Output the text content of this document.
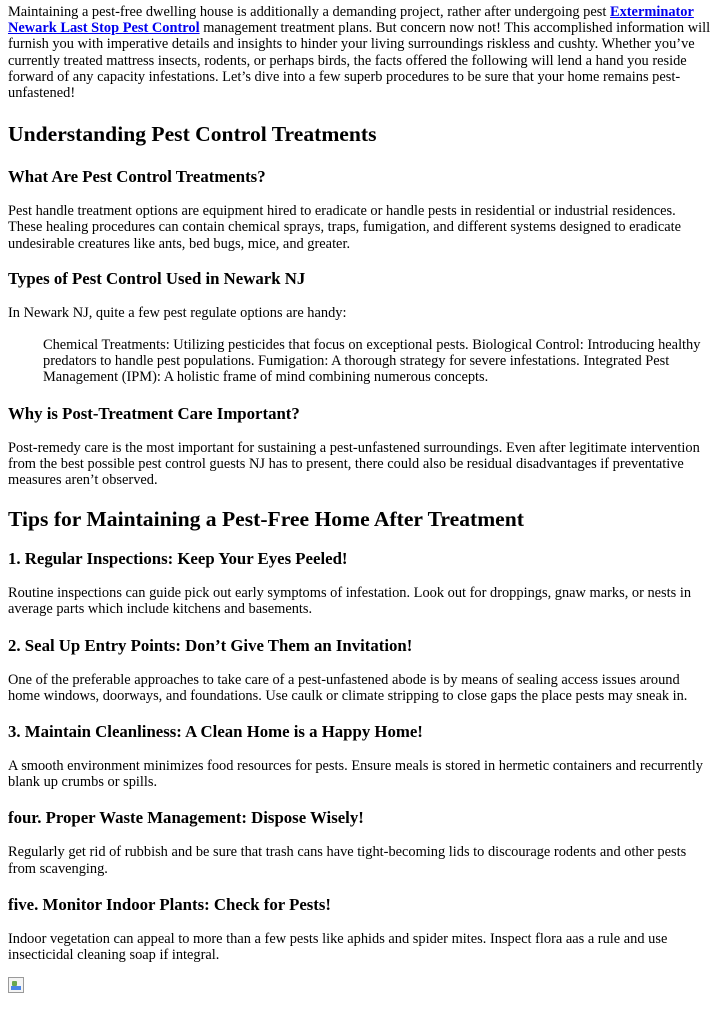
Maintaining a pest-free dwelling house is additionally a demanding project, rather after undergoing pest Exterminator Newark Last Stop Pest Control management treatment plans. But concern now not! This accomplished information will furnish you with imperative details and insights to hinder your living surroundings riskless and cushty. Whether you’ve currently treated mattress insects, rodents, or perhaps birds, the facts offered the following will lend a hand you reside forward of any capacity infestations. Let’s dive into a few superb procedures to be sure that your home remains pest-unfastened!

Understanding Pest Control Treatments
What Are Pest Control Treatments?

Pest handle treatment options are equipment hired to eradicate or handle pests in residential or industrial residences. These healing procedures can contain chemical sprays, traps, fumigation, and different systems designed to eradicate undesirable creatures like ants, bed bugs, mice, and greater.

Types of Pest Control Used in Newark NJ

In Newark NJ, quite a few pest regulate options are handy:

Chemical Treatments: Utilizing pesticides that focus on exceptional pests. Biological Control: Introducing healthy predators to handle pest populations. Fumigation: A thorough strategy for severe infestations. Integrated Pest Management (IPM): A holistic frame of mind combining numerous concepts.

Why is Post-Treatment Care Important?

Post-remedy care is the most important for sustaining a pest-unfastened surroundings. Even after legitimate intervention from the best possible pest control guests NJ has to present, there could also be residual disadvantages if preventative measures aren’t observed.

Tips for Maintaining a Pest-Free Home After Treatment
1. Regular Inspections: Keep Your Eyes Peeled!

Routine inspections can guide pick out early symptoms of infestation. Look out for droppings, gnaw marks, or nests in average parts which include kitchens and basements.

2. Seal Up Entry Points: Don’t Give Them an Invitation!

One of the preferable approaches to take care of a pest-unfastened abode is by means of sealing access issues around home windows, doorways, and foundations. Use caulk or climate stripping to close gaps the place pests may sneak in.

3. Maintain Cleanliness: A Clean Home is a Happy Home!

A smooth environment minimizes food resources for pests. Ensure meals is stored in hermetic containers and recurrently blank up crumbs or spills.

four. Proper Waste Management: Dispose Wisely!

Regularly get rid of rubbish and be sure that trash cans have tight-becoming lids to discourage rodents and other pests from scavenging.

five. Monitor Indoor Plants: Check for Pests!

Indoor vegetation can appeal to more than a few pests like aphids and spider mites. Inspect flora aas a rule and use insecticidal cleaning soap if integral.
